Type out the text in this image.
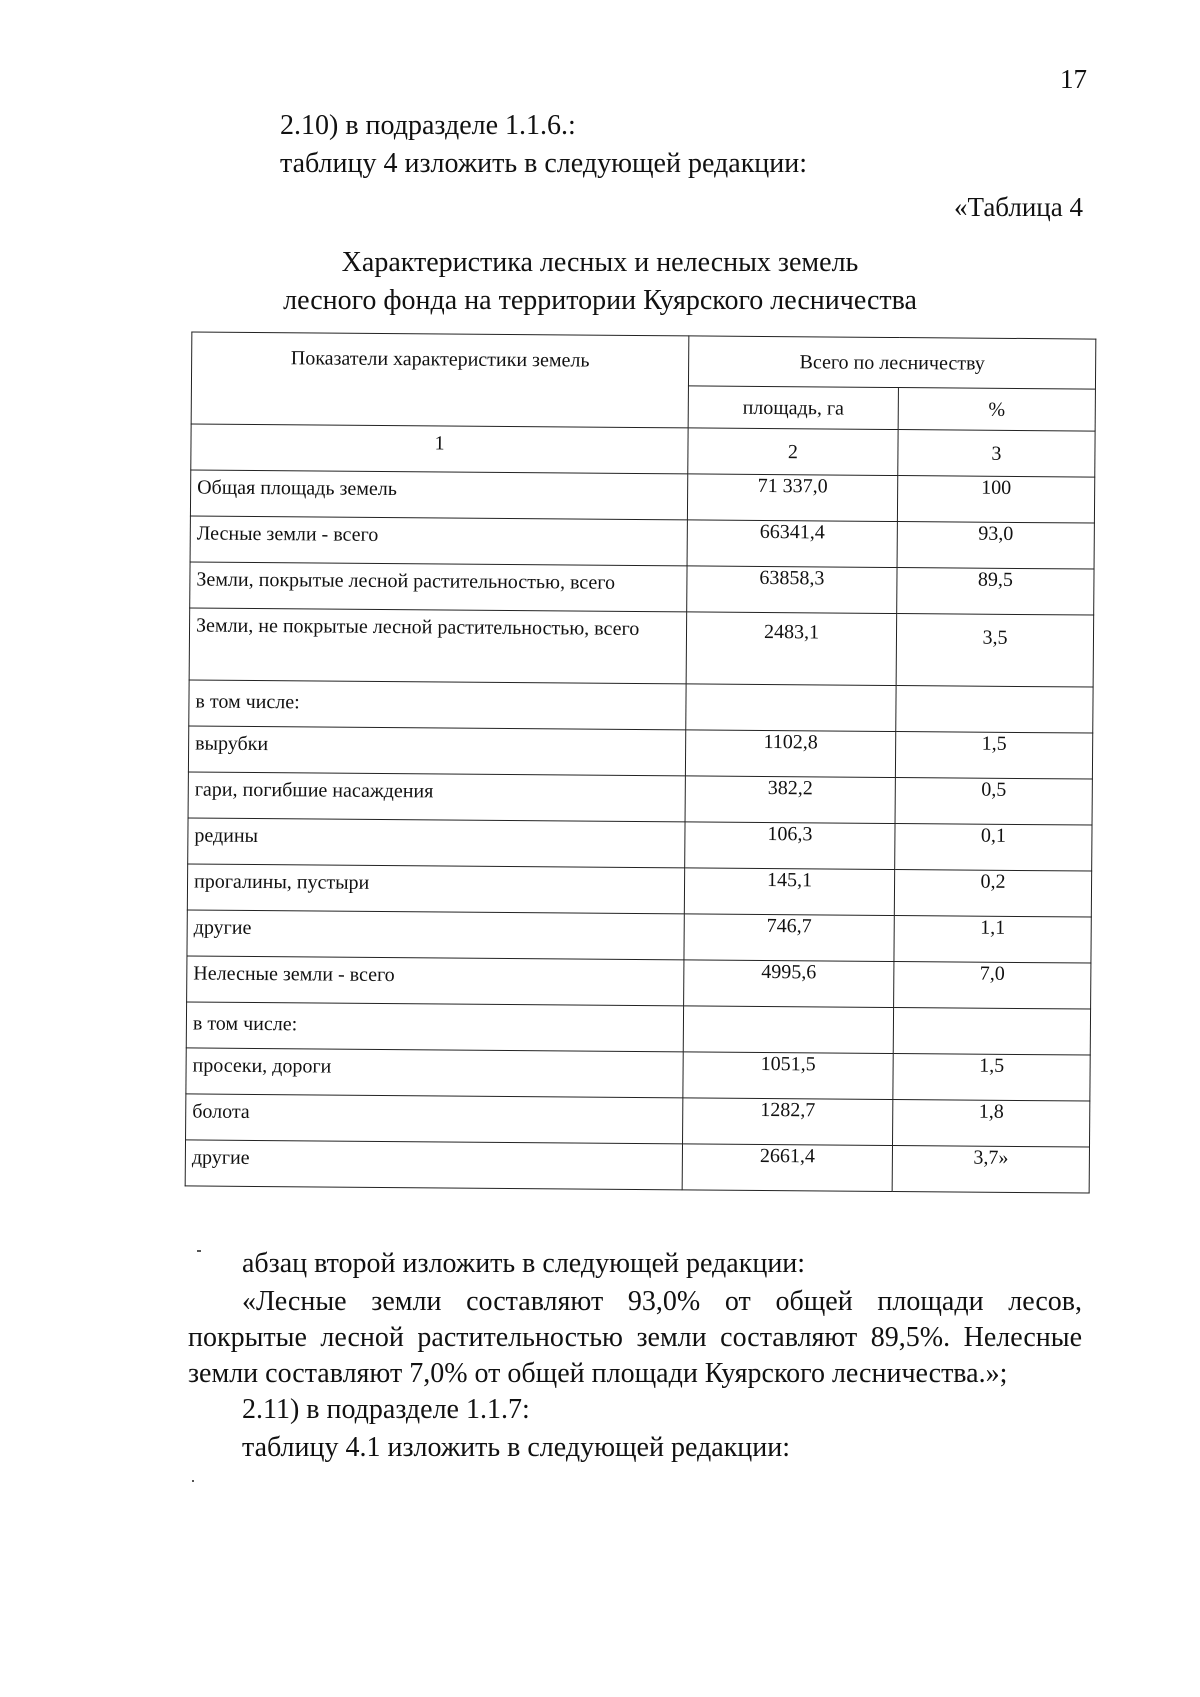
17
2.10) в подразделе 1.1.6.:
таблицу 4 изложить в следующей редакции:
«Таблица 4
Характеристика лесных и нелесных земель
лесного фонда на территории Куярского лесничества
Показатели характеристики земель	Всего по лесничеству	
	площадь, га	%
1	2	3
Общая площадь земель	71 337,0	100
Лесные земли - всего	66341,4	93,0
Земли, покрытые лесной растительностью, всего	63858,3	89,5
Земли, не покрытые лесной растительностью, всего	2483,1	3,5
в том числе:		
вырубки	1102,8	1,5
гари, погибшие насаждения	382,2	0,5
редины	106,3	0,1
прогалины, пустыри	145,1	0,2
другие	746,7	1,1
Нелесные земли - всего	4995,6	7,0
в том числе:		
просеки, дороги	1051,5	1,5
болота	1282,7	1,8
другие	2661,4	3,7»
абзац второй изложить в следующей редакции:
«Лесные земли составляют 93,0% от общей площади лесов,
покрытые лесной растительностью земли составляют 89,5%. Нелесные
земли составляют 7,0% от общей площади Куярского лесничества.»;
2.11) в подразделе 1.1.7:
таблицу 4.1 изложить в следующей редакции:
